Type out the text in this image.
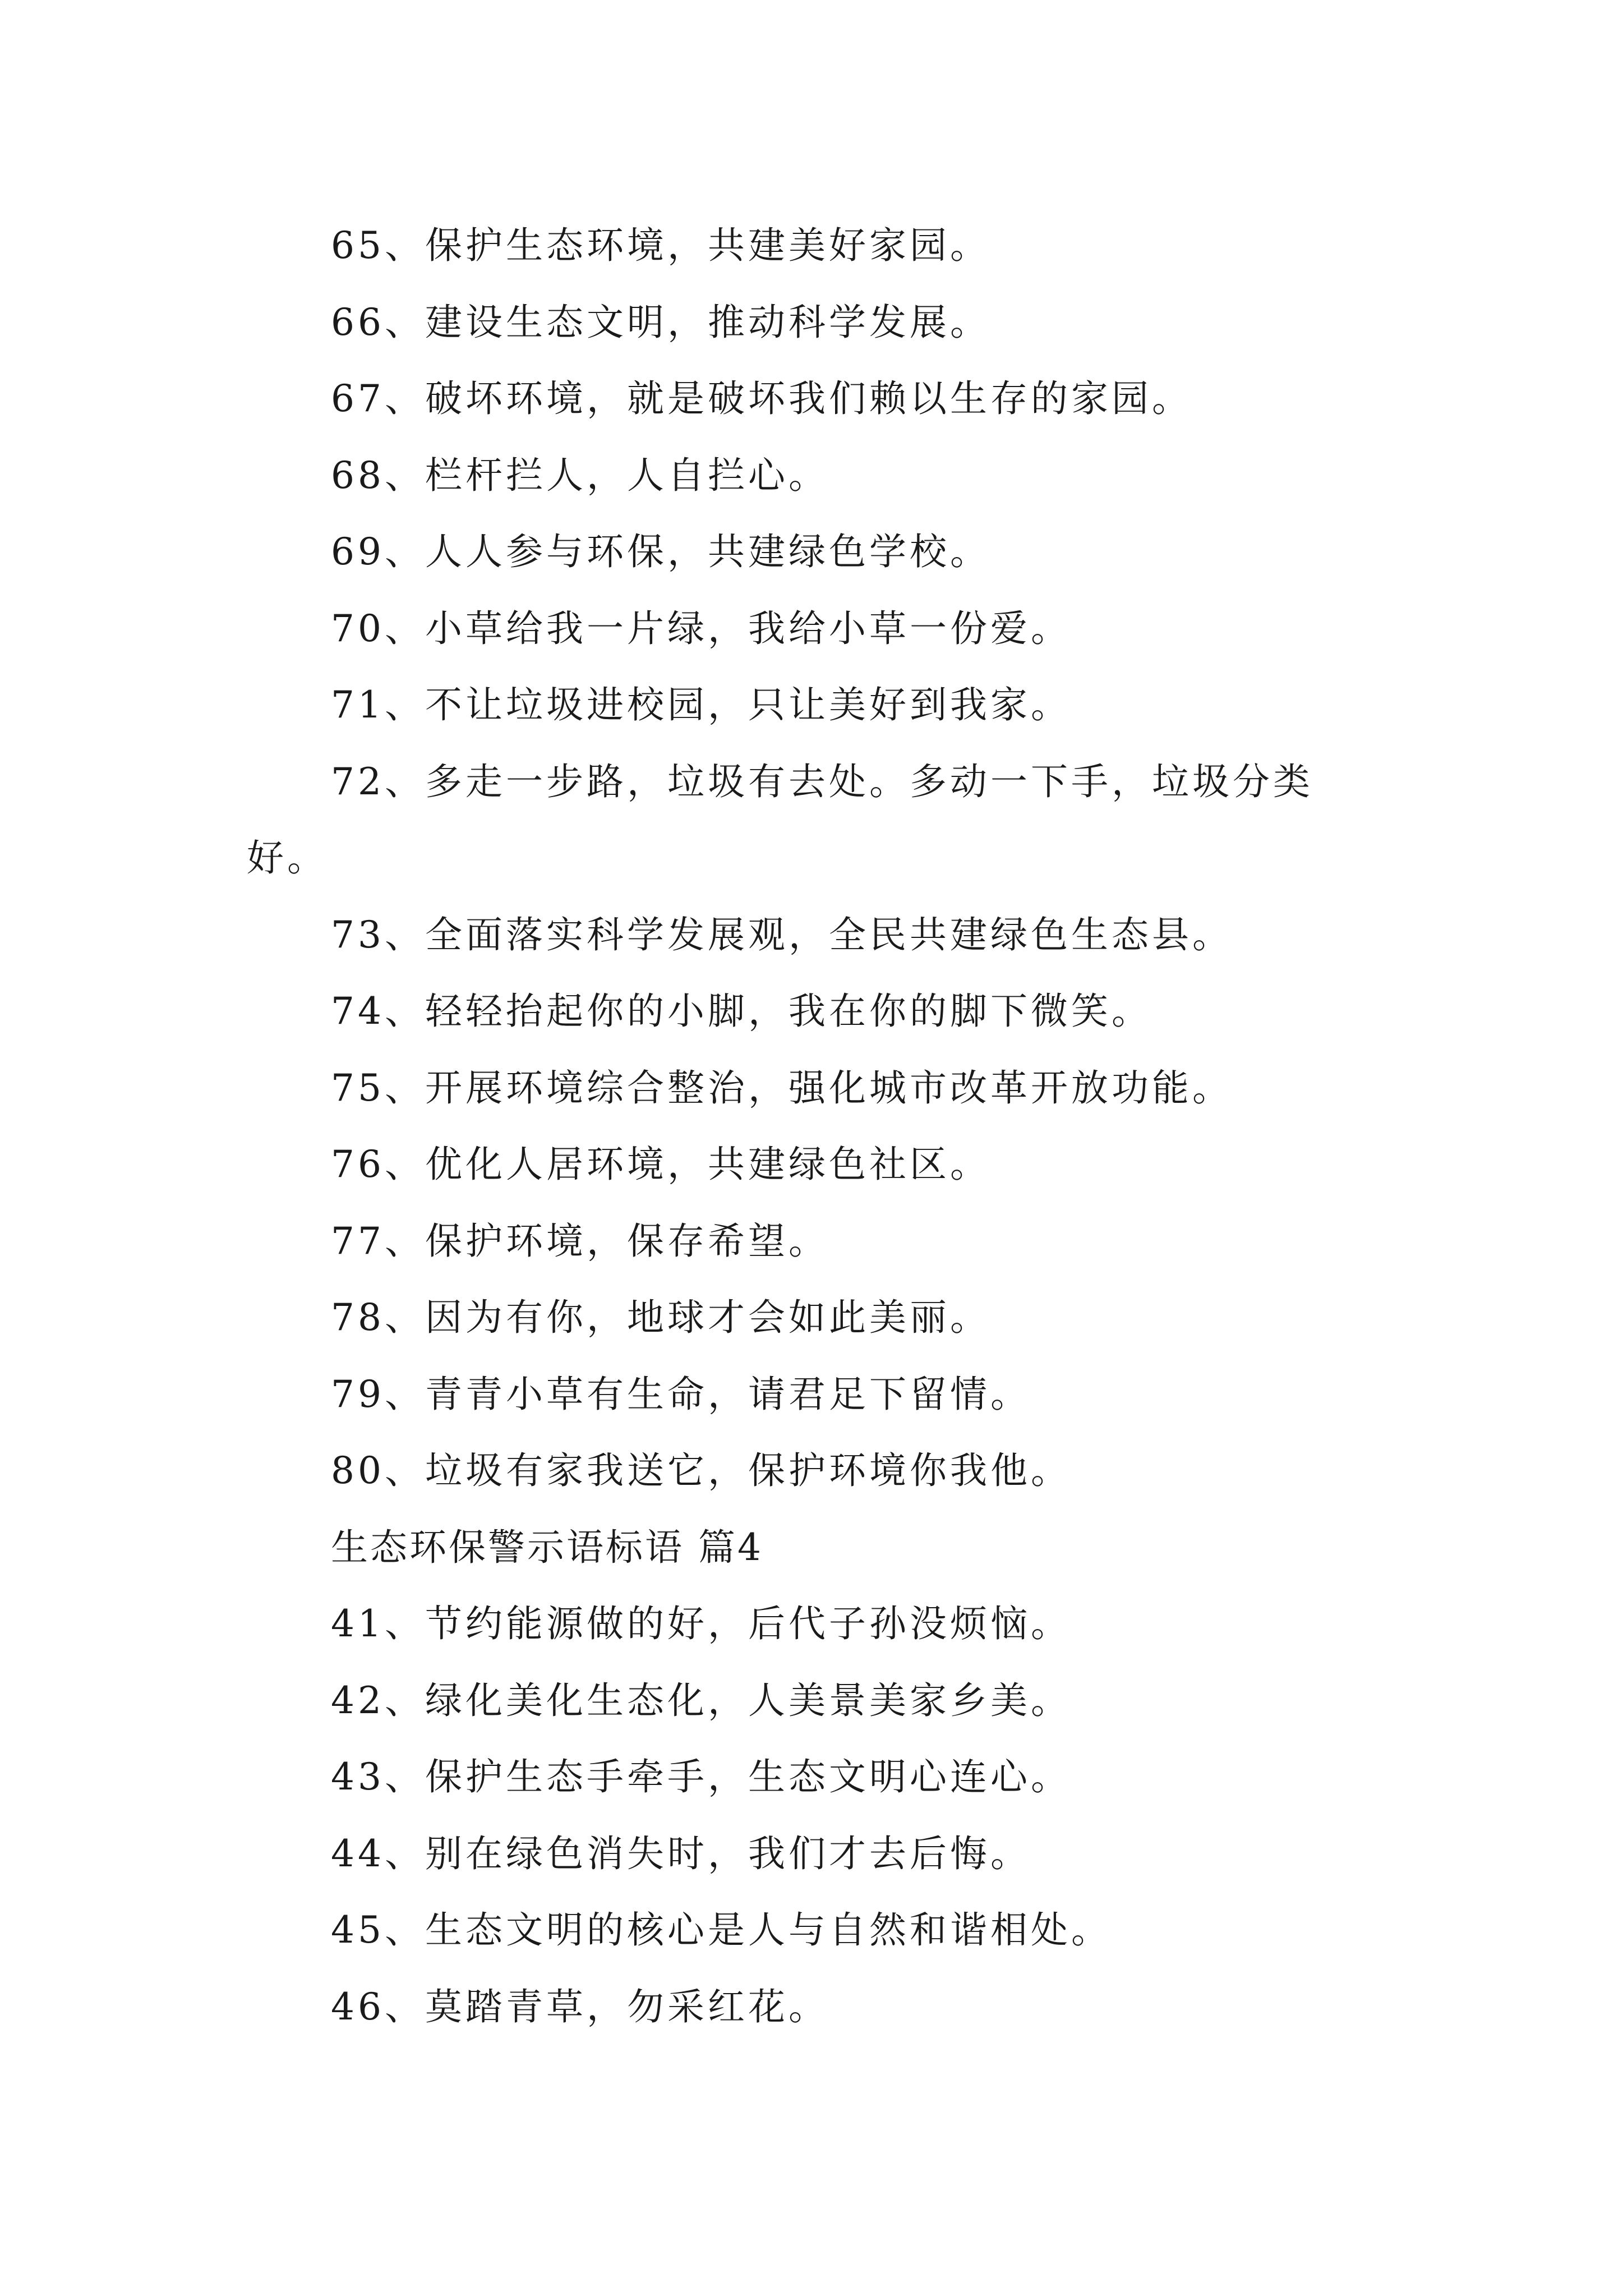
65、保护生态环境，共建美好家园。
66、建设生态文明，推动科学发展。
67、破坏环境，就是破坏我们赖以生存的家园。
68、栏杆拦人，人自拦心。
69、人人参与环保，共建绿色学校。
70、小草给我一片绿，我给小草一份爱。
71、不让垃圾进校园，只让美好到我家。
72、多走一步路，垃圾有去处。多动一下手，垃圾分类
好。
73、全面落实科学发展观，全民共建绿色生态县。
74、轻轻抬起你的小脚，我在你的脚下微笑。
75、开展环境综合整治，强化城市改革开放功能。
76、优化人居环境，共建绿色社区。
77、保护环境，保存希望。
78、因为有你，地球才会如此美丽。
79、青青小草有生命，请君足下留情。
80、垃圾有家我送它，保护环境你我他。
生态环保警示语标语 篇4
41、节约能源做的好，后代子孙没烦恼。
42、绿化美化生态化，人美景美家乡美。
43、保护生态手牵手，生态文明心连心。
44、别在绿色消失时，我们才去后悔。
45、生态文明的核心是人与自然和谐相处。
46、莫踏青草，勿采红花。
